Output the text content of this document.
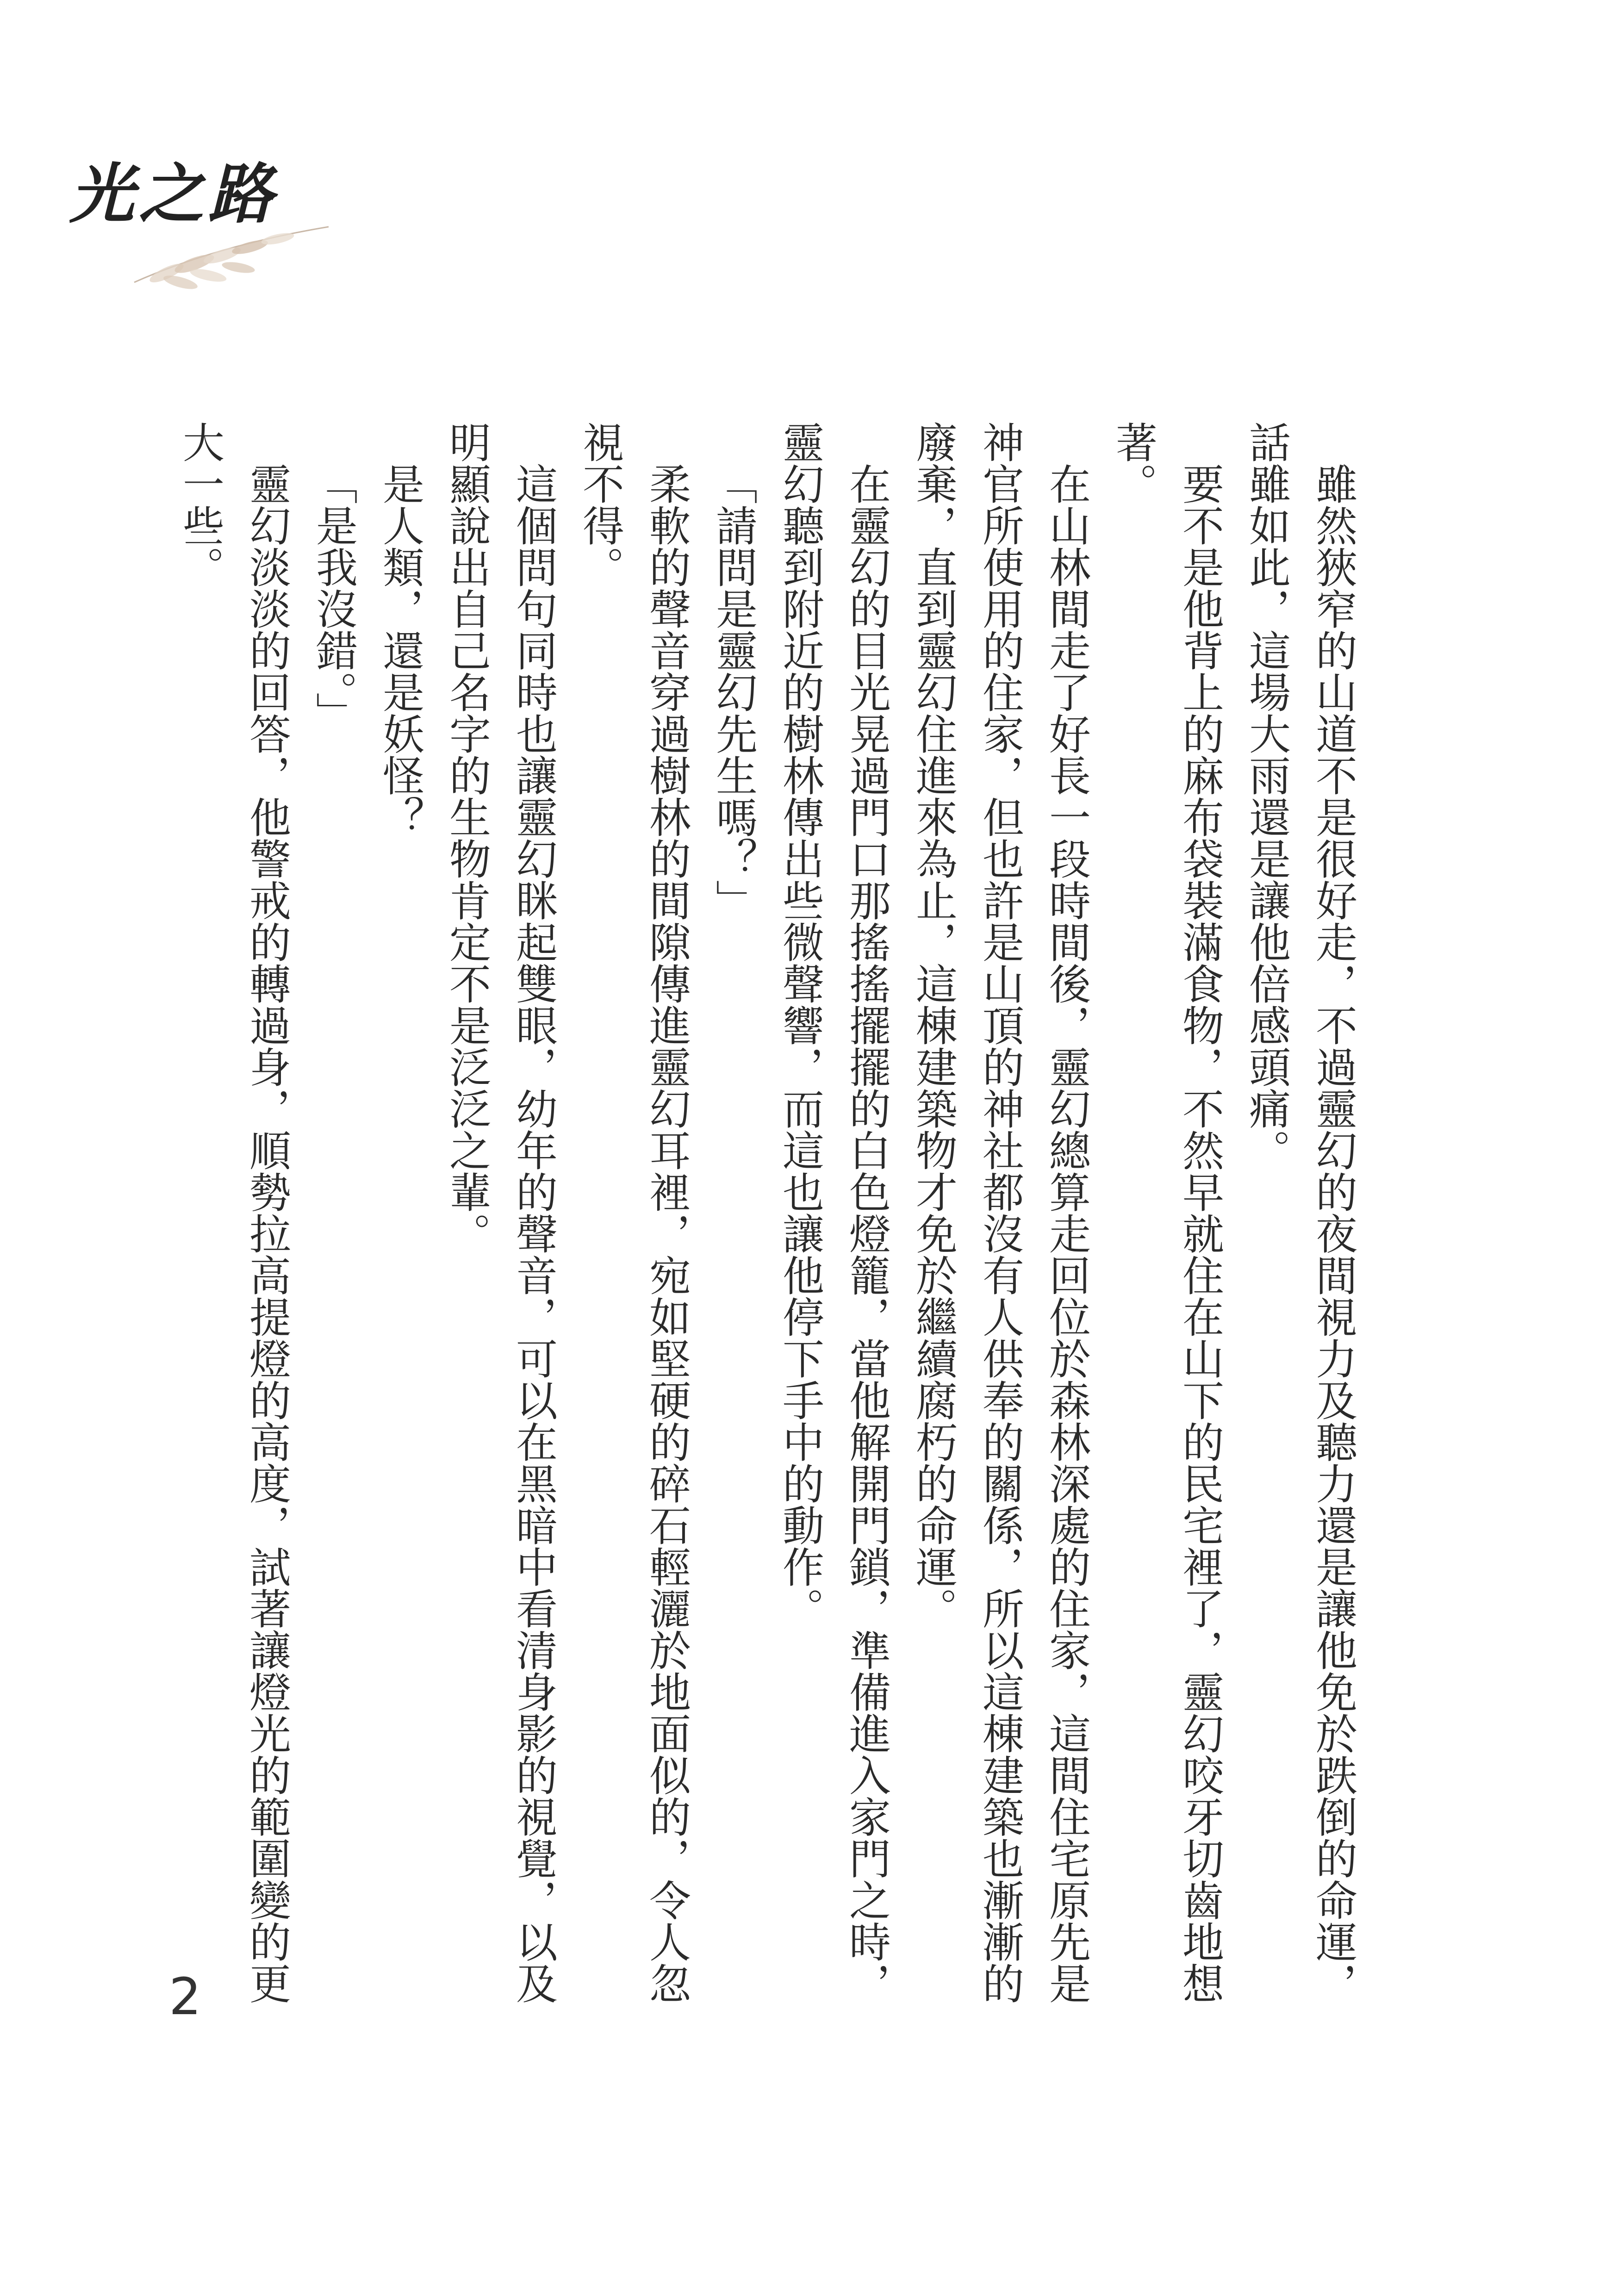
光之路

雖然狹窄的山道不是很好走，不過靈幻的夜間視力及聽力還是讓他免於跌倒的命運，話雖如此，這場大雨還是讓他倍感頭痛。

要不是他背上的麻布袋裝滿食物，不然早就住在山下的民宅裡了，靈幻咬牙切齒地想著。

在山林間走了好長一段時間後，靈幻總算走回位於森林深處的住家，這間住宅原先是神官所使用的住家，但也許是山頂的神社都沒有人供奉的關係，所以這棟建築也漸漸的廢棄，直到靈幻住進來為止，這棟建築物才免於繼續腐朽的命運。

在靈幻的目光晃過門口那搖搖擺擺的白色燈籠，當他解開門鎖，準備進入家門之時，靈幻聽到附近的樹林傳出些微聲響，而這也讓他停下手中的動作。

「請問是靈幻先生嗎？」

柔軟的聲音穿過樹林的間隙傳進靈幻耳裡，宛如堅硬的碎石輕灑於地面似的，令人忽視不得。

這個問句同時也讓靈幻眯起雙眼，幼年的聲音，可以在黑暗中看清身影的視覺，以及明顯說出自己名字的生物肯定不是泛泛之輩。

是人類，還是妖怪？

「是我沒錯。」

靈幻淡淡的回答，他警戒的轉過身，順勢拉高提燈的高度，試著讓燈光的範圍變的更大一些。

2
